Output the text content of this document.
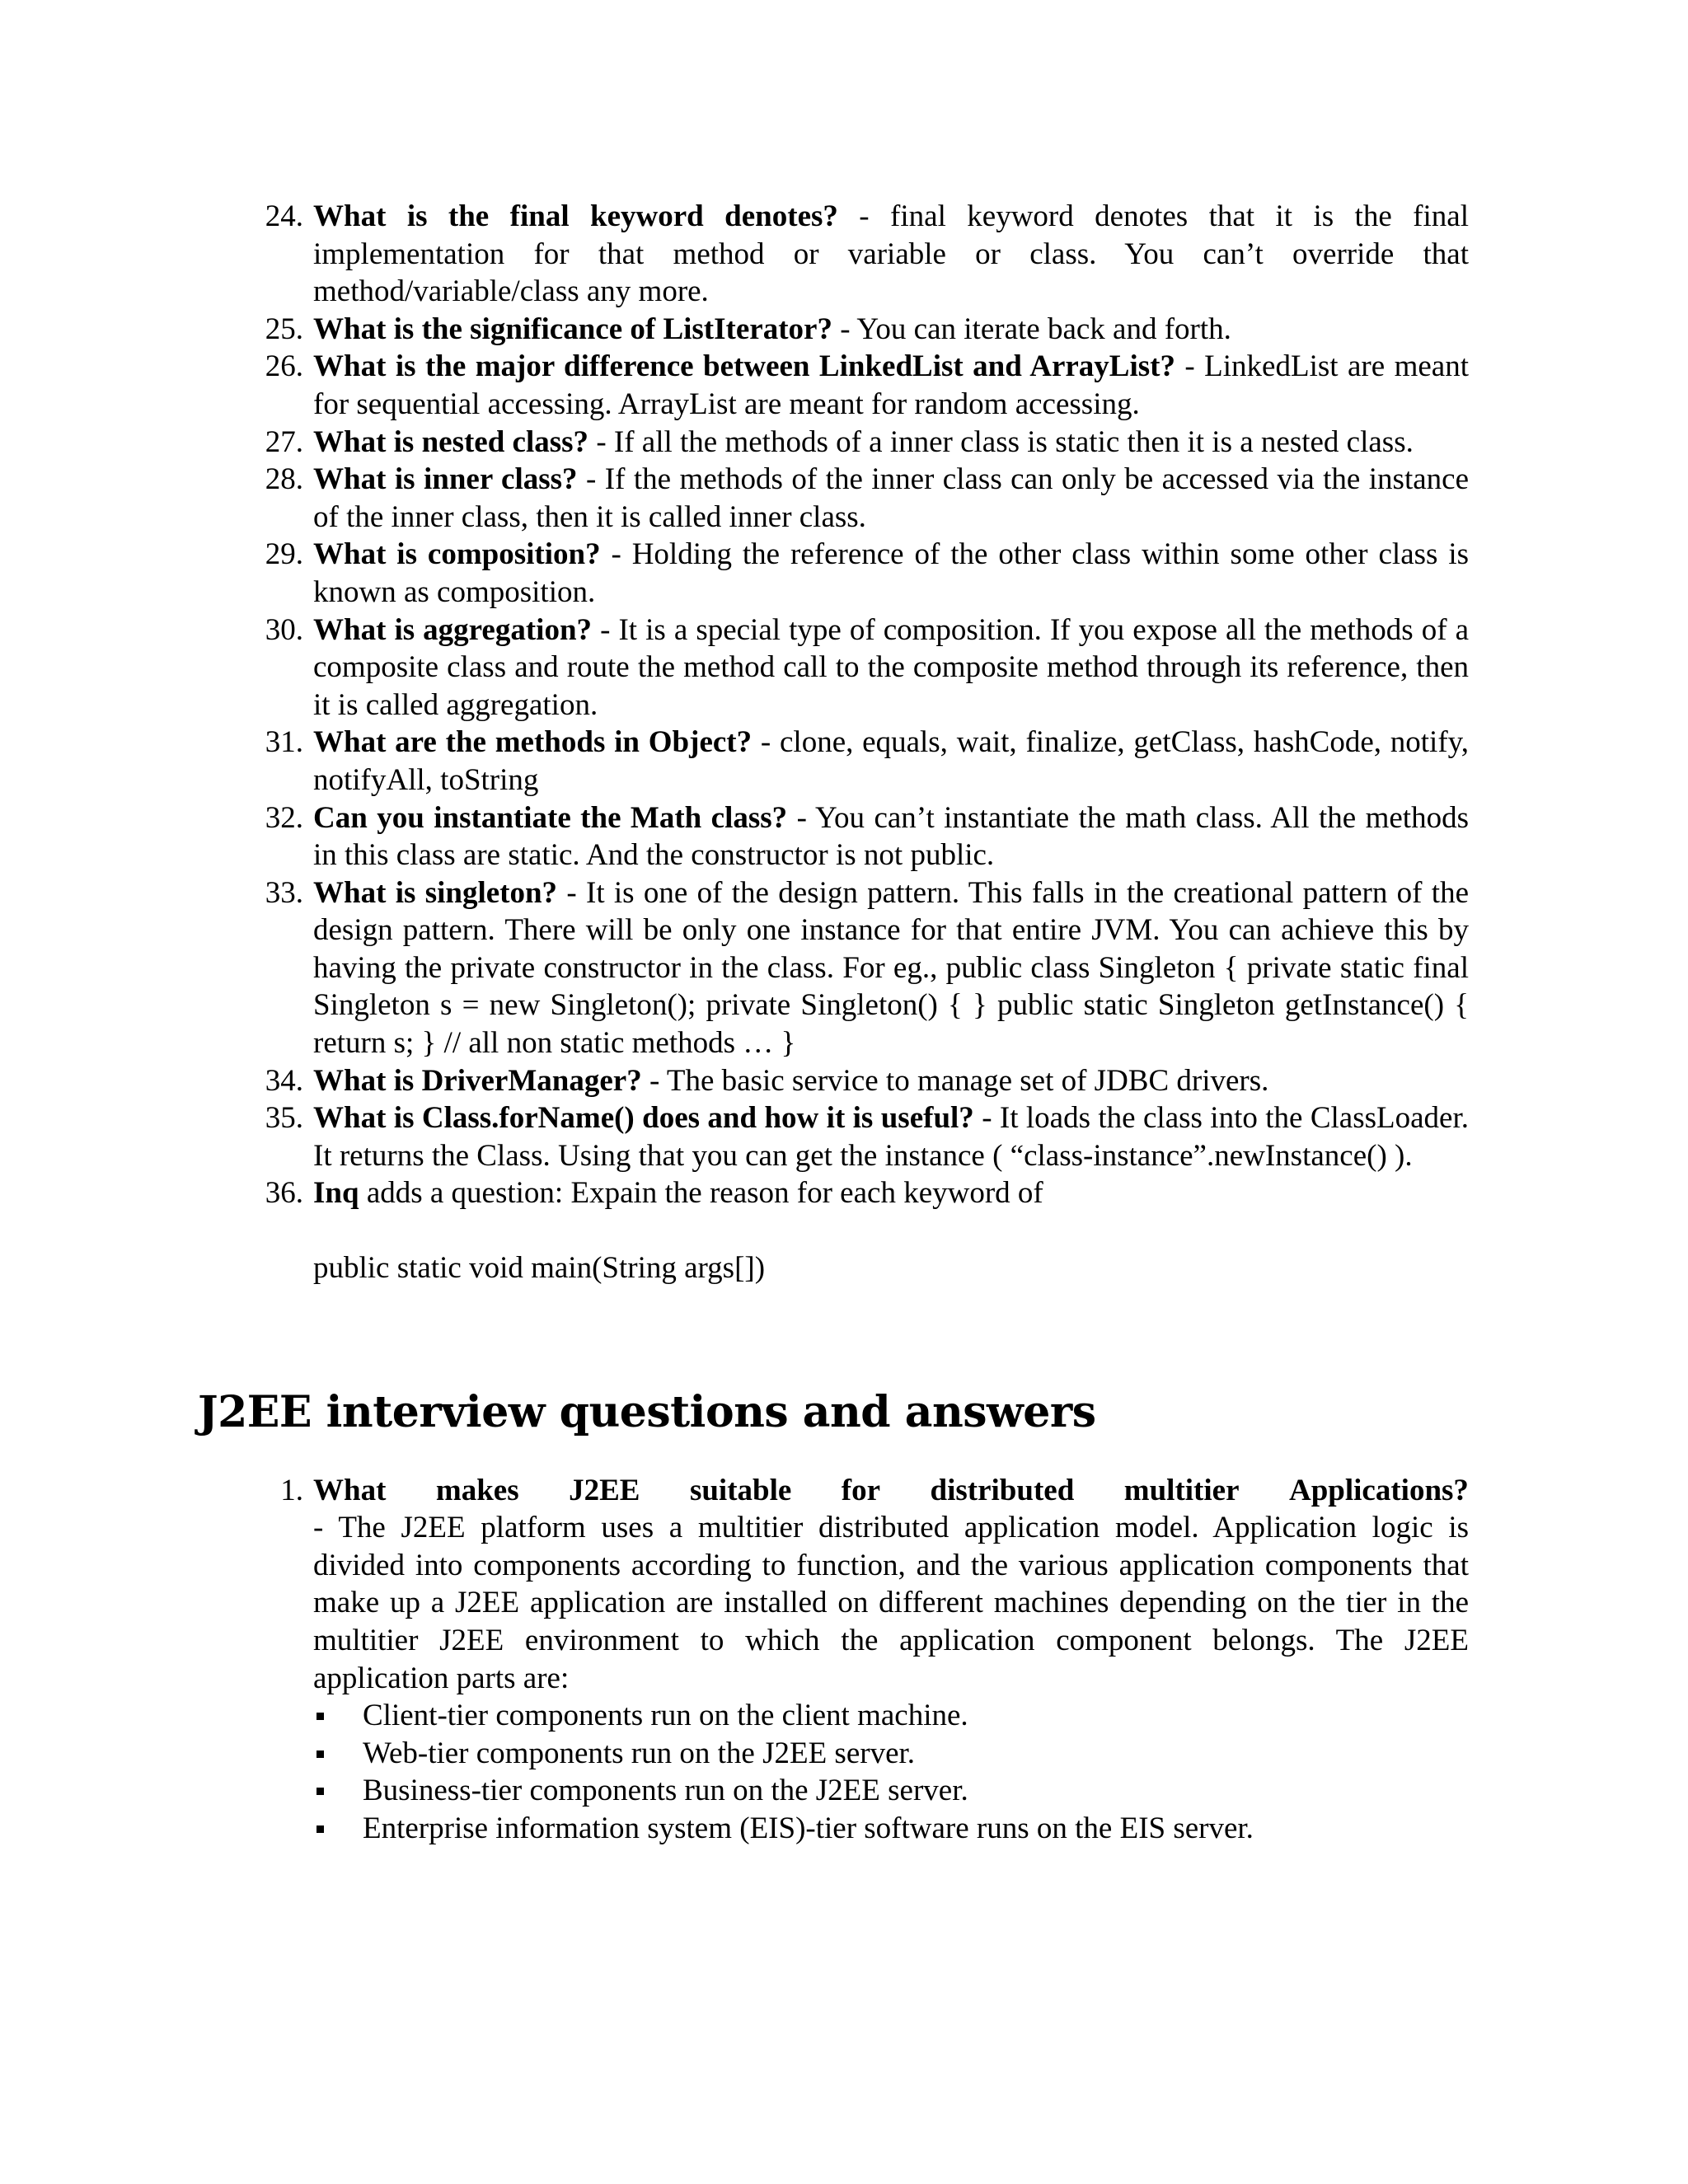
24. What is the final keyword denotes? - final keyword denotes that it is the final implementation for that method or variable or class. You can’t override that method/variable/class any more.
25. What is the significance of ListIterator? - You can iterate back and forth.
26. What is the major difference between LinkedList and ArrayList? - LinkedList are meant for sequential accessing. ArrayList are meant for random accessing.
27. What is nested class? - If all the methods of a inner class is static then it is a nested class.
28. What is inner class? - If the methods of the inner class can only be accessed via the instance of the inner class, then it is called inner class.
29. What is composition? - Holding the reference of the other class within some other class is known as composition.
30. What is aggregation? - It is a special type of composition. If you expose all the methods of a composite class and route the method call to the composite method through its reference, then it is called aggregation.
31. What are the methods in Object? - clone, equals, wait, finalize, getClass, hashCode, notify, notifyAll, toString
32. Can you instantiate the Math class? - You can’t instantiate the math class. All the methods in this class are static. And the constructor is not public.
33. What is singleton? - It is one of the design pattern. This falls in the creational pattern of the design pattern. There will be only one instance for that entire JVM. You can achieve this by having the private constructor in the class. For eg., public class Singleton { private static final Singleton s = new Singleton(); private Singleton() { } public static Singleton getInstance() { return s; } // all non static methods … }
34. What is DriverManager? - The basic service to manage set of JDBC drivers.
35. What is Class.forName() does and how it is useful? - It loads the class into the ClassLoader. It returns the Class. Using that you can get the instance ( “class-instance”.newInstance() ).
36. Inq adds a question: Expain the reason for each keyword of
public static void main(String args[])
J2EE interview questions and answers
1. What makes J2EE suitable for distributed multitier Applications?
- The J2EE platform uses a multitier distributed application model. Application logic is divided into components according to function, and the various application components that make up a J2EE application are installed on different machines depending on the tier in the multitier J2EE environment to which the application component belongs. The J2EE application parts are:
Client-tier components run on the client machine.
Web-tier components run on the J2EE server.
Business-tier components run on the J2EE server.
Enterprise information system (EIS)-tier software runs on the EIS server.
